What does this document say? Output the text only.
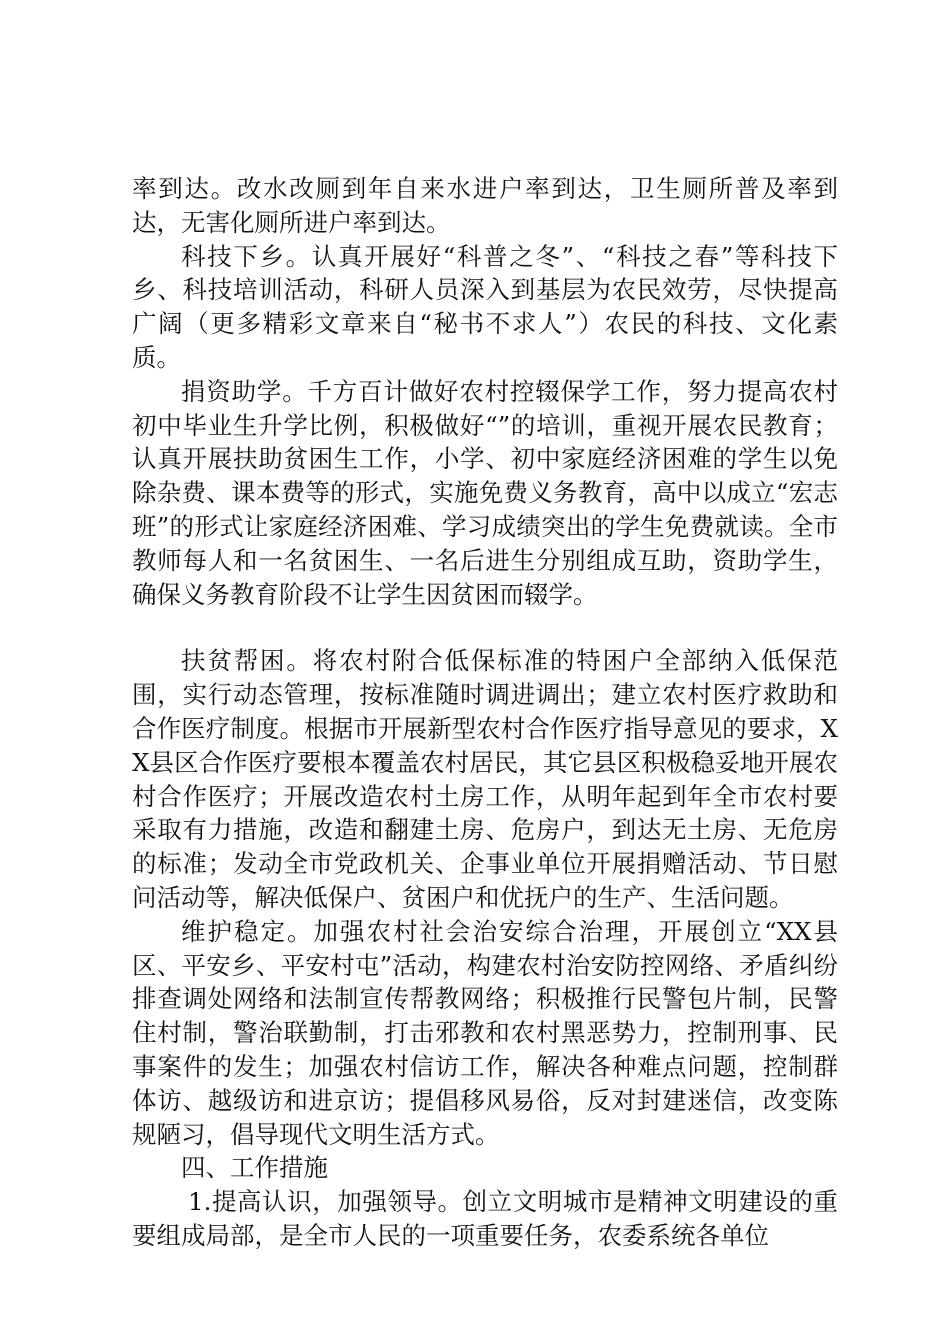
率到达。改水改厕到年自来水进户率到达，卫生厕所普及率到达，无害化厕所进户率到达。

科技下乡。认真开展好“科普之冬”、“科技之春”等科技下乡、科技培训活动，科研人员深入到基层为农民效劳，尽快提高广阔（更多精彩文章来自“秘书不求人”）农民的科技、文化素质。

捐资助学。千方百计做好农村控辍保学工作，努力提高农村初中毕业生升学比例，积极做好“”的培训，重视开展农民教育；认真开展扶助贫困生工作，小学、初中家庭经济困难的学生以免除杂费、课本费等的形式，实施免费义务教育，高中以成立“宏志班”的形式让家庭经济困难、学习成绩突出的学生免费就读。全市教师每人和一名贫困生、一名后进生分别组成互助，资助学生，确保义务教育阶段不让学生因贫困而辍学。

扶贫帮困。将农村附合低保标准的特困户全部纳入低保范围，实行动态管理，按标准随时调进调出；建立农村医疗救助和合作医疗制度。根据市开展新型农村合作医疗指导意见的要求，XX县区合作医疗要根本覆盖农村居民，其它县区积极稳妥地开展农村合作医疗；开展改造农村土房工作，从明年起到年全市农村要采取有力措施，改造和翻建土房、危房户，到达无土房、无危房的标准；发动全市党政机关、企事业单位开展捐赠活动、节日慰问活动等，解决低保户、贫困户和优抚户的生产、生活问题。

维护稳定。加强农村社会治安综合治理，开展创立“XX县区、平安乡、平安村屯”活动，构建农村治安防控网络、矛盾纠纷排查调处网络和法制宣传帮教网络；积极推行民警包片制，民警住村制，警治联勤制，打击邪教和农村黑恶势力，控制刑事、民事案件的发生；加强农村信访工作，解决各种难点问题，控制群体访、越级访和进京访；提倡移风易俗，反对封建迷信，改变陈规陋习，倡导现代文明生活方式。

四、工作措施

1.提高认识，加强领导。创立文明城市是精神文明建设的重要组成局部，是全市人民的一项重要任务，农委系统各单位
